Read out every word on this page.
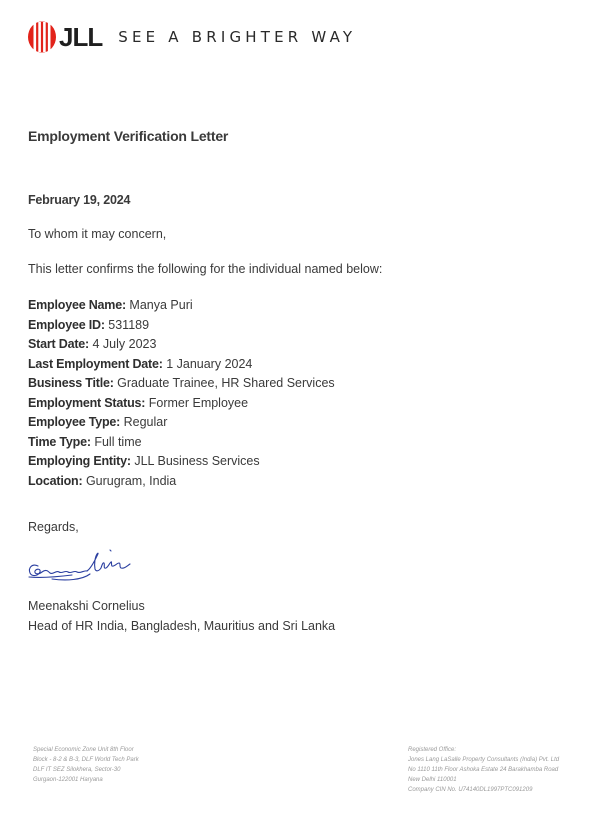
JLL SEE A BRIGHTER WAY
Employment Verification Letter
February 19, 2024
To whom it may concern,
This letter confirms the following for the individual named below:
Employee Name: Manya Puri
Employee ID: 531189
Start Date: 4 July 2023
Last Employment Date: 1 January 2024
Business Title: Graduate Trainee, HR Shared Services
Employment Status: Former Employee
Employee Type: Regular
Time Type: Full time
Employing Entity: JLL Business Services
Location: Gurugram, India
Regards,
Meenakshi Cornelius
Head of HR India, Bangladesh, Mauritius and Sri Lanka
Special Economic Zone Unit 8th Floor
Block - 8-2 & B-3, DLF World Tech Park
DLF IT SEZ Silokhera, Sector-30
Gurgaon-122001 Haryana
Registered Office:
Jones Lang LaSalle Property Consultants (India) Pvt. Ltd
No 1110 11th Floor Ashoka Estate 24 Barakhamba Road
New Delhi 110001
Company CIN No. U74140DL1997PTC091209
